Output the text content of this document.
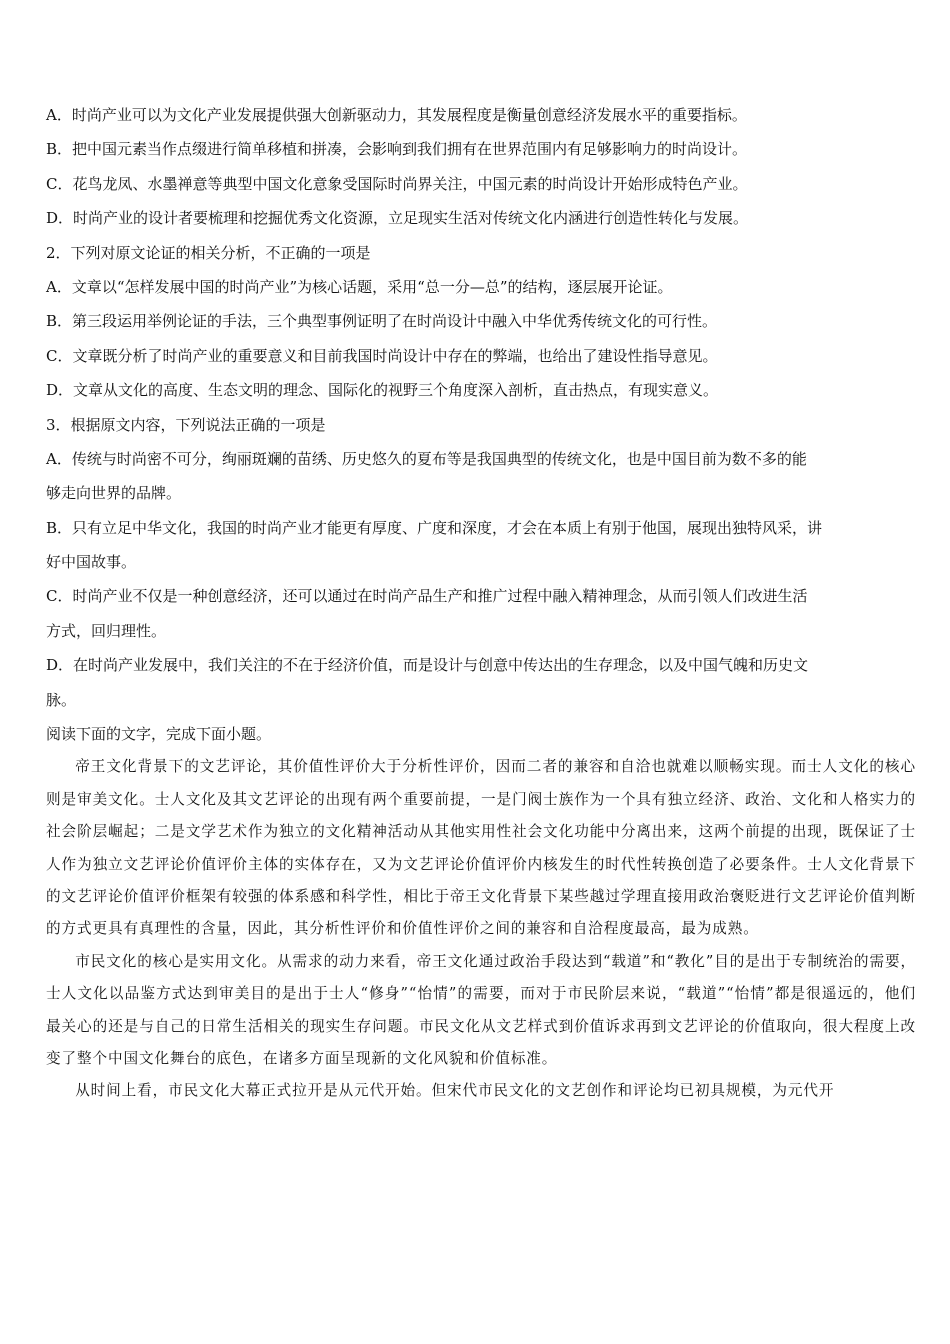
A．时尚产业可以为文化产业发展提供强大创新驱动力，其发展程度是衡量创意经济发展水平的重要指标。

B．把中国元素当作点缀进行简单移植和拼凑，会影响到我们拥有在世界范围内有足够影响力的时尚设计。

C．花鸟龙凤、水墨禅意等典型中国文化意象受国际时尚界关注，中国元素的时尚设计开始形成特色产业。

D．时尚产业的设计者要梳理和挖掘优秀文化资源，立足现实生活对传统文化内涵进行创造性转化与发展。

2．下列对原文论证的相关分析，不正确的一项是

A．文章以“怎样发展中国的时尚产业”为核心话题，采用“总一分—总”的结构，逐层展开论证。

B．第三段运用举例论证的手法，三个典型事例证明了在时尚设计中融入中华优秀传统文化的可行性。

C．文章既分析了时尚产业的重要意义和目前我国时尚设计中存在的弊端，也给出了建设性指导意见。

D．文章从文化的高度、生态文明的理念、国际化的视野三个角度深入剖析，直击热点，有现实意义。

3．根据原文内容，下列说法正确的一项是

A．传统与时尚密不可分，绚丽斑斓的苗绣、历史悠久的夏布等是我国典型的传统文化，也是中国目前为数不多的能

够走向世界的品牌。

B．只有立足中华文化，我国的时尚产业才能更有厚度、广度和深度，才会在本质上有别于他国，展现出独特风采，讲

好中国故事。

C．时尚产业不仅是一种创意经济，还可以通过在时尚产品生产和推广过程中融入精神理念，从而引领人们改进生活

方式，回归理性。

D．在时尚产业发展中，我们关注的不在于经济价值，而是设计与创意中传达出的生存理念，以及中国气魄和历史文

脉。

阅读下面的文字，完成下面小题。

帝王文化背景下的文艺评论，其价值性评价大于分析性评价，因而二者的兼容和自洽也就难以顺畅实现。而士人文化的核心则是审美文化。士人文化及其文艺评论的出现有两个重要前提，一是门阀士族作为一个具有独立经济、政治、文化和人格实力的社会阶层崛起；二是文学艺术作为独立的文化精神活动从其他实用性社会文化功能中分离出来，这两个前提的出现，既保证了士人作为独立文艺评论价值评价主体的实体存在，又为文艺评论价值评价内核发生的时代性转换创造了必要条件。士人文化背景下的文艺评论价值评价框架有较强的体系感和科学性，相比于帝王文化背景下某些越过学理直接用政治褒贬进行文艺评论价值判断的方式更具有真理性的含量，因此，其分析性评价和价值性评价之间的兼容和自洽程度最高，最为成熟。

市民文化的核心是实用文化。从需求的动力来看，帝王文化通过政治手段达到“载道”和“教化”目的是出于专制统治的需要，士人文化以品鉴方式达到审美目的是出于士人“修身”“怡情”的需要，而对于市民阶层来说，“载道”“怡情”都是很遥远的，他们最关心的还是与自己的日常生活相关的现实生存问题。市民文化从文艺样式到价值诉求再到文艺评论的价值取向，很大程度上改变了整个中国文化舞台的底色，在诸多方面呈现新的文化风貌和价值标准。

从时间上看，市民文化大幕正式拉开是从元代开始。但宋代市民文化的文艺创作和评论均已初具规模，为元代开
